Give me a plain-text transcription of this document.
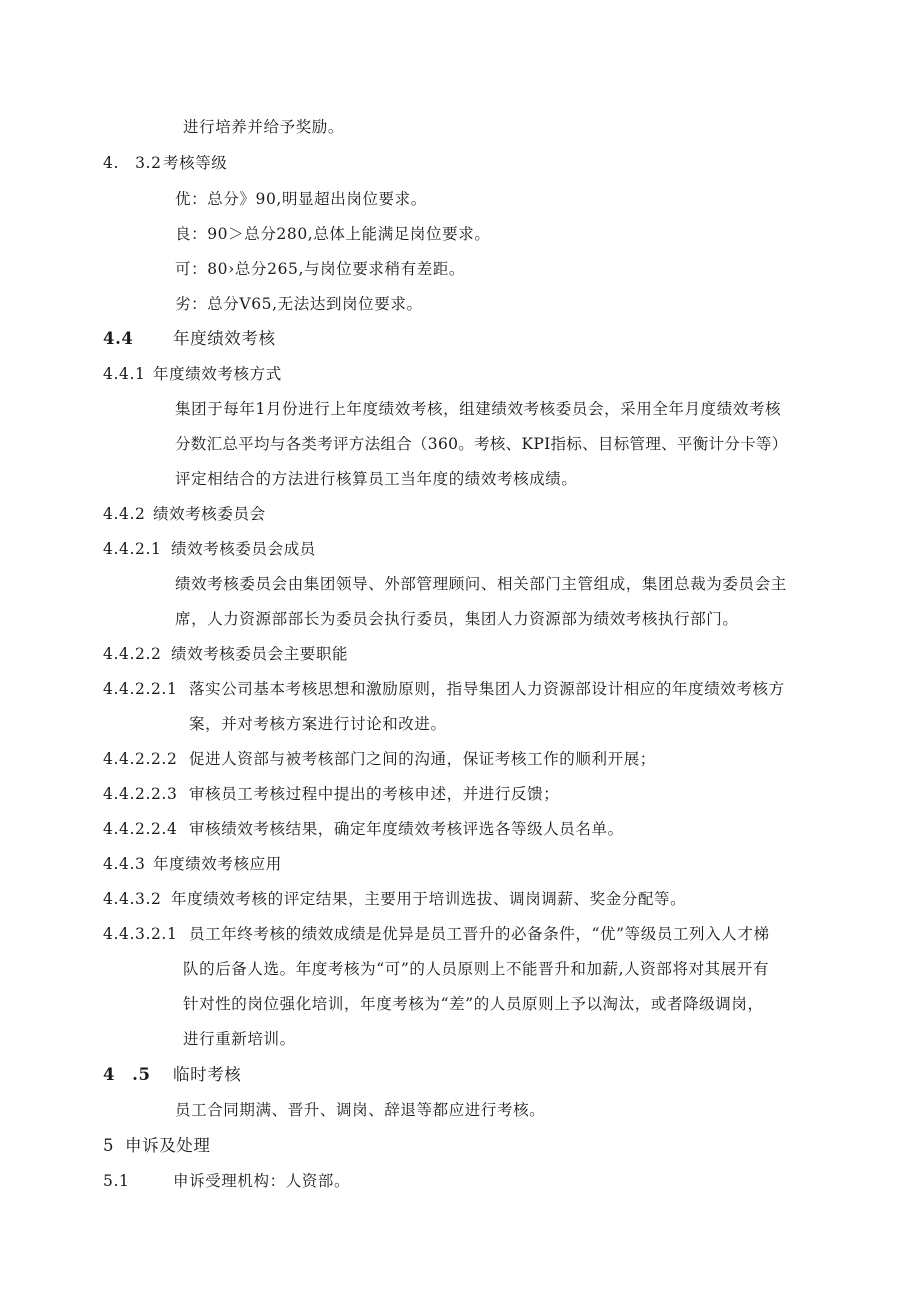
进行培养并给予奖励。
4.　3.2考核等级
优：总分》90,明显超出岗位要求。
良：90＞总分280,总体上能满足岗位要求。
可：80›总分265,与岗位要求稍有差距。
劣：总分V65,无法达到岗位要求。
4.4 年度绩效考核
4.4.1 年度绩效考核方式
集团于每年1月份进行上年度绩效考核，组建绩效考核委员会，采用全年月度绩效考核
分数汇总平均与各类考评方法组合（360。考核、KPI指标、目标管理、平衡计分卡等）
评定相结合的方法进行核算员工当年度的绩效考核成绩。
4.4.2 绩效考核委员会
4.4.2.1 绩效考核委员会成员
绩效考核委员会由集团领导、外部管理顾问、相关部门主管组成，集团总裁为委员会主
席，人力资源部部长为委员会执行委员，集团人力资源部为绩效考核执行部门。
4.4.2.2 绩效考核委员会主要职能
4.4.2.2.1 落实公司基本考核思想和激励原则，指导集团人力资源部设计相应的年度绩效考核方
案，并对考核方案进行讨论和改进。
4.4.2.2.2 促进人资部与被考核部门之间的沟通，保证考核工作的顺利开展；
4.4.2.2.3 审核员工考核过程中提出的考核申述，并进行反馈；
4.4.2.2.4 审核绩效考核结果，确定年度绩效考核评选各等级人员名单。
4.4.3 年度绩效考核应用
4.4.3.2 年度绩效考核的评定结果，主要用于培训选拔、调岗调薪、奖金分配等。
4.4.3.2.1 员工年终考核的绩效成绩是优异是员工晋升的必备条件，“优”等级员工列入人才梯
队的后备人选。年度考核为“可”的人员原则上不能晋升和加薪,人资部将对其展开有
针对性的岗位强化培训，年度考核为“差”的人员原则上予以淘汰，或者降级调岗，
进行重新培训。
4　.5 临时考核
员工合同期满、晋升、调岗、辞退等都应进行考核。
5 申诉及处理
5.1	申诉受理机构：人资部。
